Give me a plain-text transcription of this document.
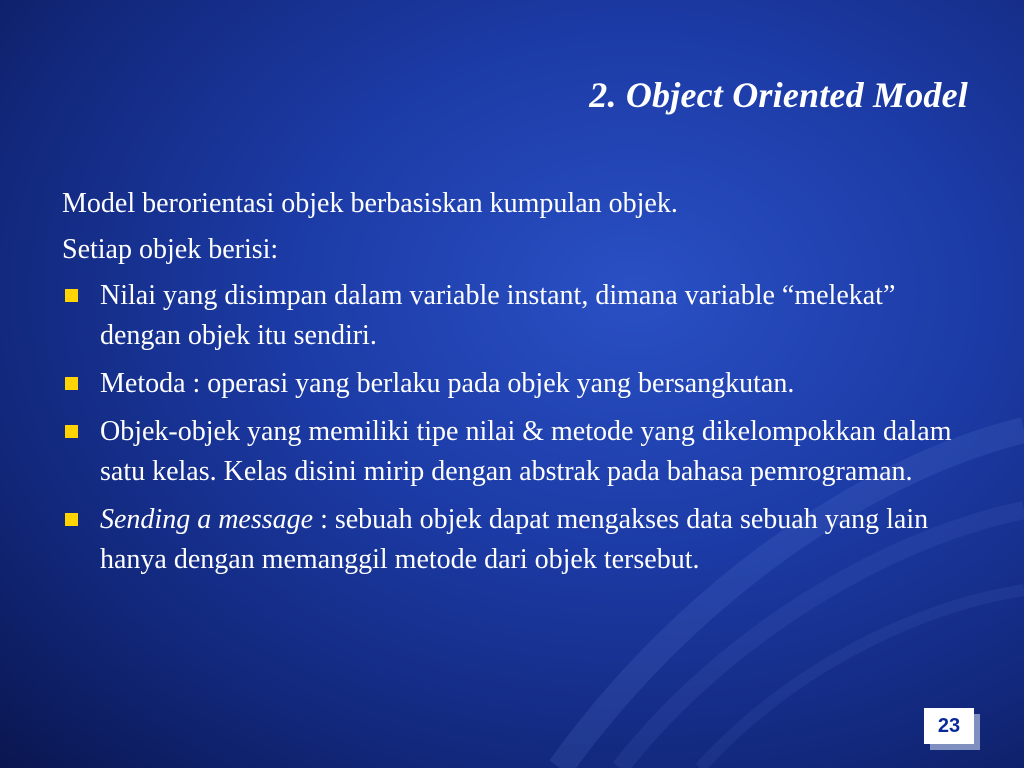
2. Object Oriented Model

Model berorientasi objek berbasiskan kumpulan objek.

Setiap objek berisi:

Nilai yang disimpan dalam variable instant, dimana variable “melekat” dengan objek itu sendiri.
Metoda : operasi yang berlaku pada objek yang bersangkutan.
Objek-objek yang memiliki tipe nilai & metode yang dikelompokkan dalam satu kelas. Kelas disini mirip dengan abstrak pada bahasa pemrograman.
Sending a message : sebuah objek dapat mengakses data sebuah yang lain hanya dengan memanggil metode dari objek tersebut.
23
